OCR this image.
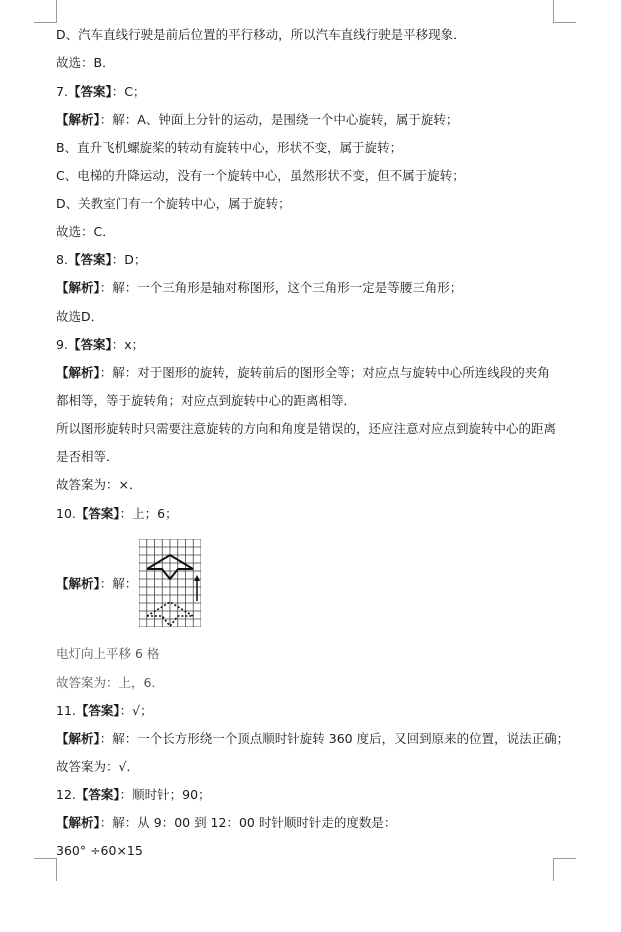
D、汽车直线行驶是前后位置的平行移动，所以汽车直线行驶是平移现象．
故选：B．
7.【答案】：C；
【解析】：解：A、钟面上分针的运动，是围绕一个中心旋转，属于旋转；
B、直升飞机螺旋桨的转动有旋转中心，形状不变，属于旋转；
C、电梯的升降运动，没有一个旋转中心，虽然形状不变，但不属于旋转；
D、关教室门有一个旋转中心，属于旋转；
故选：C．
8.【答案】：D；
【解析】：解：一个三角形是轴对称图形，这个三角形一定是等腰三角形；
故选D．
9.【答案】：x；
【解析】：解：对于图形的旋转，旋转前后的图形全等；对应点与旋转中心所连线段的夹角
都相等，等于旋转角；对应点到旋转中心的距离相等．
所以图形旋转时只需要注意旋转的方向和角度是错误的，还应注意对应点到旋转中心的距离
是否相等．
故答案为：×．
10.【答案】：上；6；
【解析】：解：
电灯向上平移 6 格
故答案为：上，6．
11.【答案】：√；
【解析】：解：一个长方形绕一个顶点顺时针旋转 360 度后，又回到原来的位置，说法正确；
故答案为：√．
12.【答案】：顺时针；90；
【解析】：解：从 9：00 到 12：00 时针顺时针走的度数是：
360° ÷60×15
